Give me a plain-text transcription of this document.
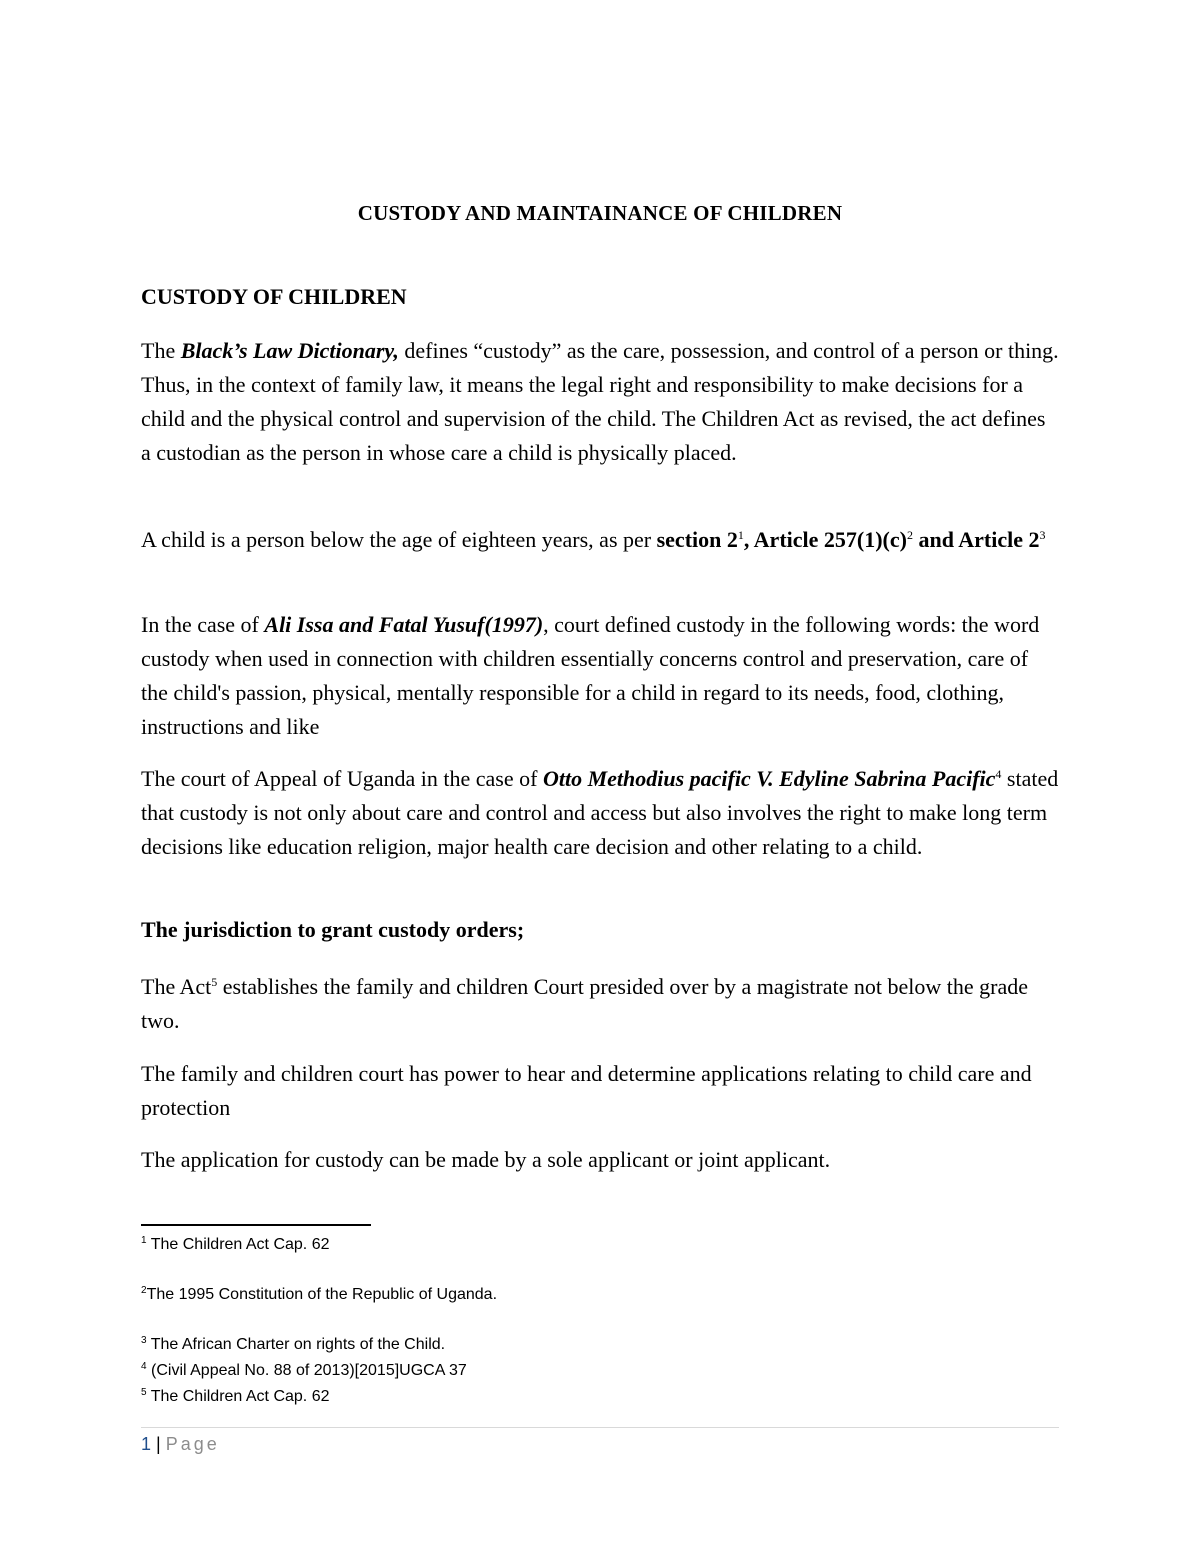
CUSTODY AND MAINTAINANCE OF CHILDREN
CUSTODY OF CHILDREN

The Black’s Law Dictionary, defines “custody” as the care, possession, and control of a person or thing. Thus, in the context of family law, it means the legal right and responsibility to make decisions for a child and the physical control and supervision of the child. The Children Act as revised, the act defines a custodian as the person in whose care a child is physically placed.

A child is a person below the age of eighteen years, as per section $2^1$, Article $257(1)(c)^2$ and Article $2^3$

In the case of Ali Issa and Fatal Yusuf(1997), court defined custody in the following words: the word custody when used in connection with children essentially concerns control and preservation, care of the child's passion, physical, mentally responsible for a child in regard to its needs, food, clothing, instructions and like

The court of Appeal of Uganda in the case of Otto Methodius pacific V. Edyline Sabrina Pacific$^4$ stated that custody is not only about care and control and access but also involves the right to make long term decisions like education religion, major health care decision and other relating to a child.

The jurisdiction to grant custody orders;

The Act$^5$ establishes the family and children Court presided over by a magistrate not below the grade two.

The family and children court has power to hear and determine applications relating to child care and protection

The application for custody can be made by a sole applicant or joint applicant.

$^1$ The Children Act Cap. 62
$^2$The 1995 Constitution of the Republic of Uganda.
$^3$ The African Charter on rights of the Child.
$^4$ (Civil Appeal No. 88 of 2013)[2015]UGCA 37
$^5$ The Children Act Cap. 62
1 | Page
